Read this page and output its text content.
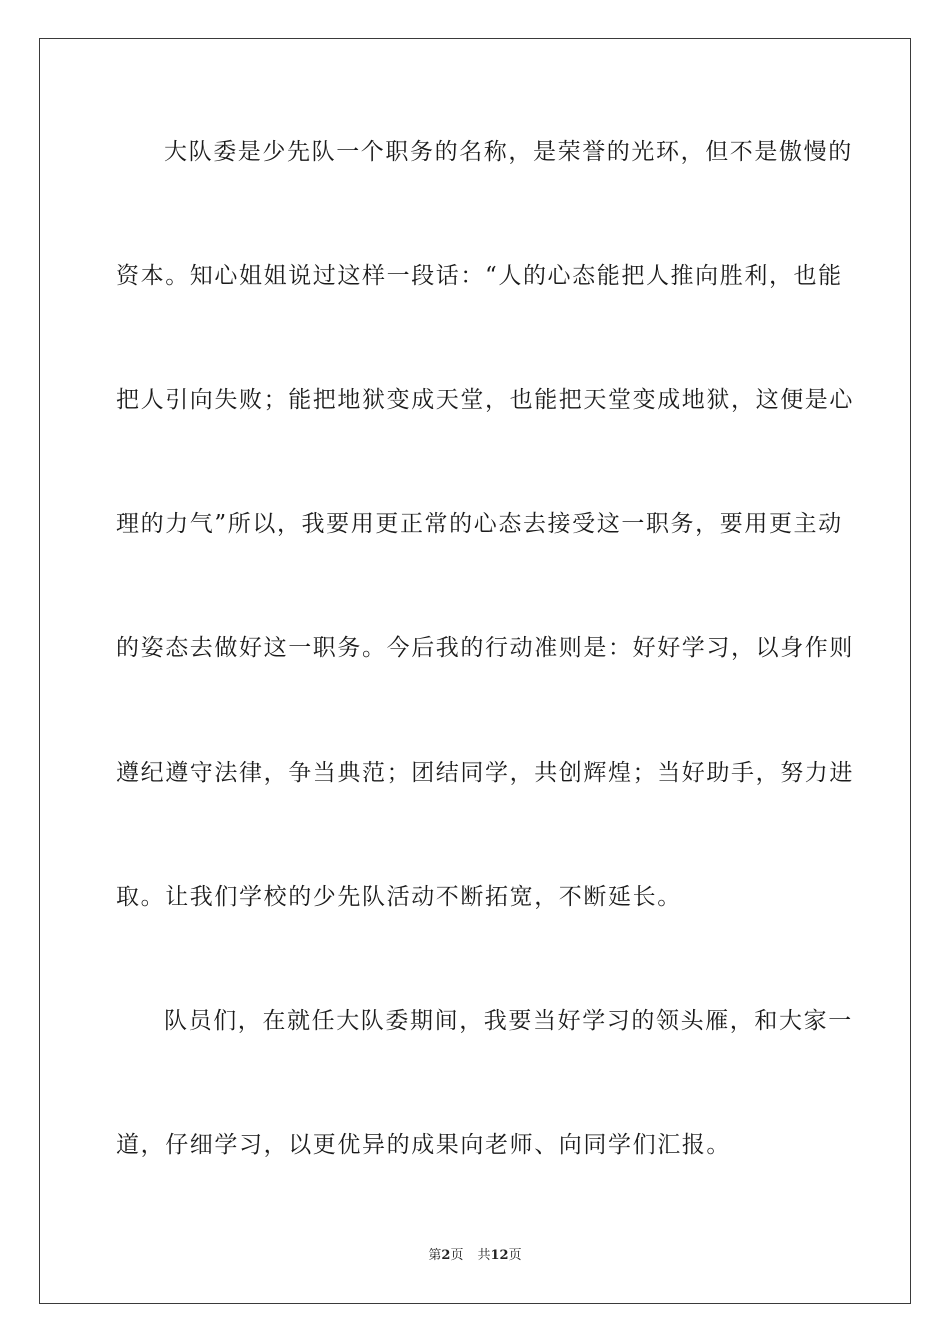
大队委是少先队一个职务的名称，是荣誉的光环，但不是傲慢的
资本。知心姐姐说过这样一段话：“人的心态能把人推向胜利，也能
把人引向失败；能把地狱变成天堂，也能把天堂变成地狱，这便是心
理的力气”所以，我要用更正常的心态去接受这一职务，要用更主动
的姿态去做好这一职务。今后我的行动准则是：好好学习，以身作则
遵纪遵守法律，争当典范；团结同学，共创辉煌；当好助手，努力进
取。让我们学校的少先队活动不断拓宽，不断延长。
队员们，在就任大队委期间，我要当好学习的领头雁，和大家一
道，仔细学习，以更优异的成果向老师、向同学们汇报。
第2页 共12页
